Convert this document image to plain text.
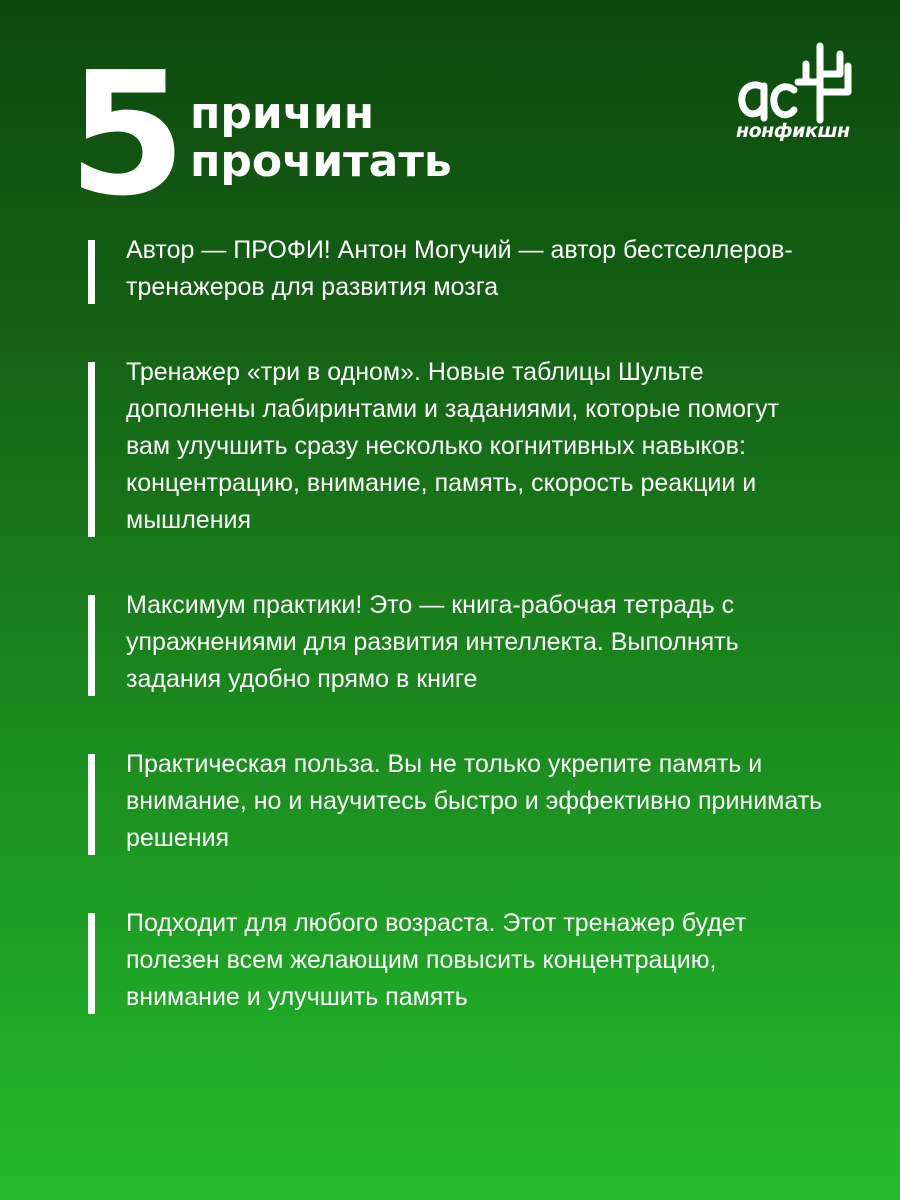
5 причин
прочитать
нонфикшн
Автор — ПРОФИ! Антон Могучий — автор бестселлеров-тренажеров для развития мозга
Тренажер «три в одном». Новые таблицы Шульте дополнены лабиринтами и заданиями, которые помогут вам улучшить сразу несколько когнитивных навыков: концентрацию, внимание, память, скорость реакции и мышления
Максимум практики! Это — книга-рабочая тетрадь с упражнениями для развития интеллекта. Выполнять задания удобно прямо в книге
Практическая польза. Вы не только укрепите память и внимание, но и научитесь быстро и эффективно принимать решения
Подходит для любого возраста. Этот тренажер будет полезен всем желающим повысить концентрацию, внимание и улучшить память
